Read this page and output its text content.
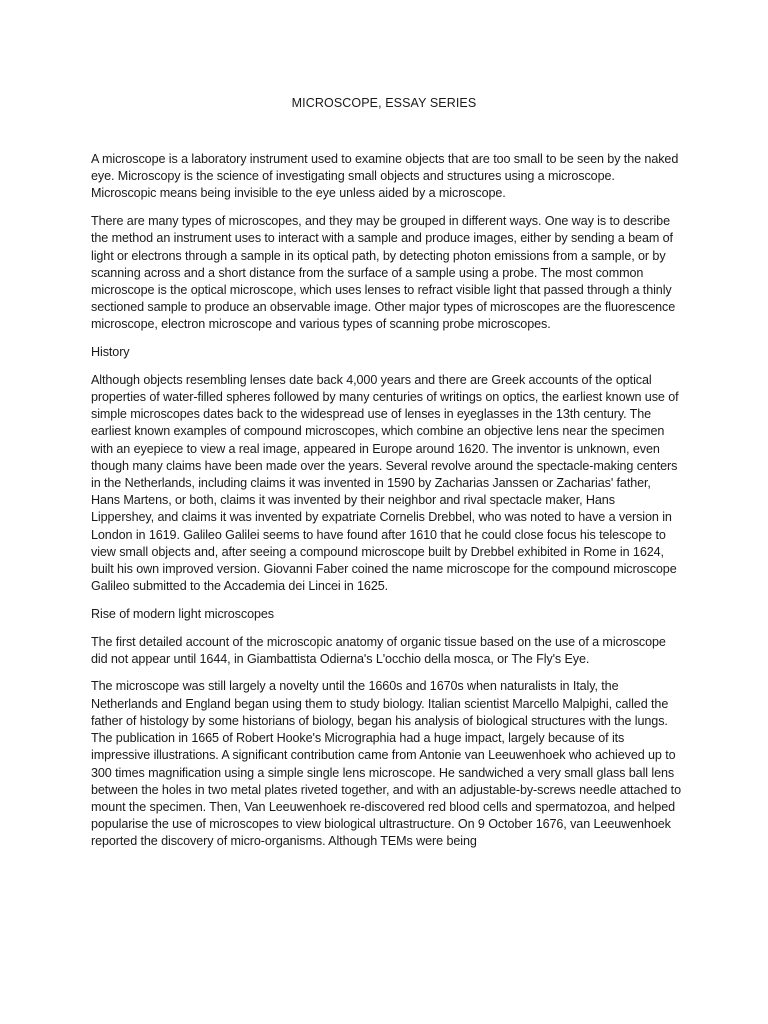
MICROSCOPE, ESSAY SERIES

A microscope is a laboratory instrument used to examine objects that are too small to be seen by the naked eye. Microscopy is the science of investigating small objects and structures using a microscope. Microscopic means being invisible to the eye unless aided by a microscope.

There are many types of microscopes, and they may be grouped in different ways. One way is to describe the method an instrument uses to interact with a sample and produce images, either by sending a beam of light or electrons through a sample in its optical path, by detecting photon emissions from a sample, or by scanning across and a short distance from the surface of a sample using a probe. The most common microscope is the optical microscope, which uses lenses to refract visible light that passed through a thinly sectioned sample to produce an observable image. Other major types of microscopes are the fluorescence microscope, electron microscope and various types of scanning probe microscopes.

History

Although objects resembling lenses date back 4,000 years and there are Greek accounts of the optical properties of water-filled spheres followed by many centuries of writings on optics, the earliest known use of simple microscopes dates back to the widespread use of lenses in eyeglasses in the 13th century. The earliest known examples of compound microscopes, which combine an objective lens near the specimen with an eyepiece to view a real image, appeared in Europe around 1620. The inventor is unknown, even though many claims have been made over the years. Several revolve around the spectacle-making centers in the Netherlands, including claims it was invented in 1590 by Zacharias Janssen or Zacharias' father, Hans Martens, or both, claims it was invented by their neighbor and rival spectacle maker, Hans Lippershey, and claims it was invented by expatriate Cornelis Drebbel, who was noted to have a version in London in 1619. Galileo Galilei seems to have found after 1610 that he could close focus his telescope to view small objects and, after seeing a compound microscope built by Drebbel exhibited in Rome in 1624, built his own improved version. Giovanni Faber coined the name microscope for the compound microscope Galileo submitted to the Accademia dei Lincei in 1625.

Rise of modern light microscopes

The first detailed account of the microscopic anatomy of organic tissue based on the use of a microscope did not appear until 1644, in Giambattista Odierna's L'occhio della mosca, or The Fly's Eye.

The microscope was still largely a novelty until the 1660s and 1670s when naturalists in Italy, the Netherlands and England began using them to study biology. Italian scientist Marcello Malpighi, called the father of histology by some historians of biology, began his analysis of biological structures with the lungs. The publication in 1665 of Robert Hooke's Micrographia had a huge impact, largely because of its impressive illustrations. A significant contribution came from Antonie van Leeuwenhoek who achieved up to 300 times magnification using a simple single lens microscope. He sandwiched a very small glass ball lens between the holes in two metal plates riveted together, and with an adjustable-by-screws needle attached to mount the specimen. Then, Van Leeuwenhoek re-discovered red blood cells and spermatozoa, and helped popularise the use of microscopes to view biological ultrastructure. On 9 October 1676, van Leeuwenhoek reported the discovery of micro-organisms. Although TEMs were being
